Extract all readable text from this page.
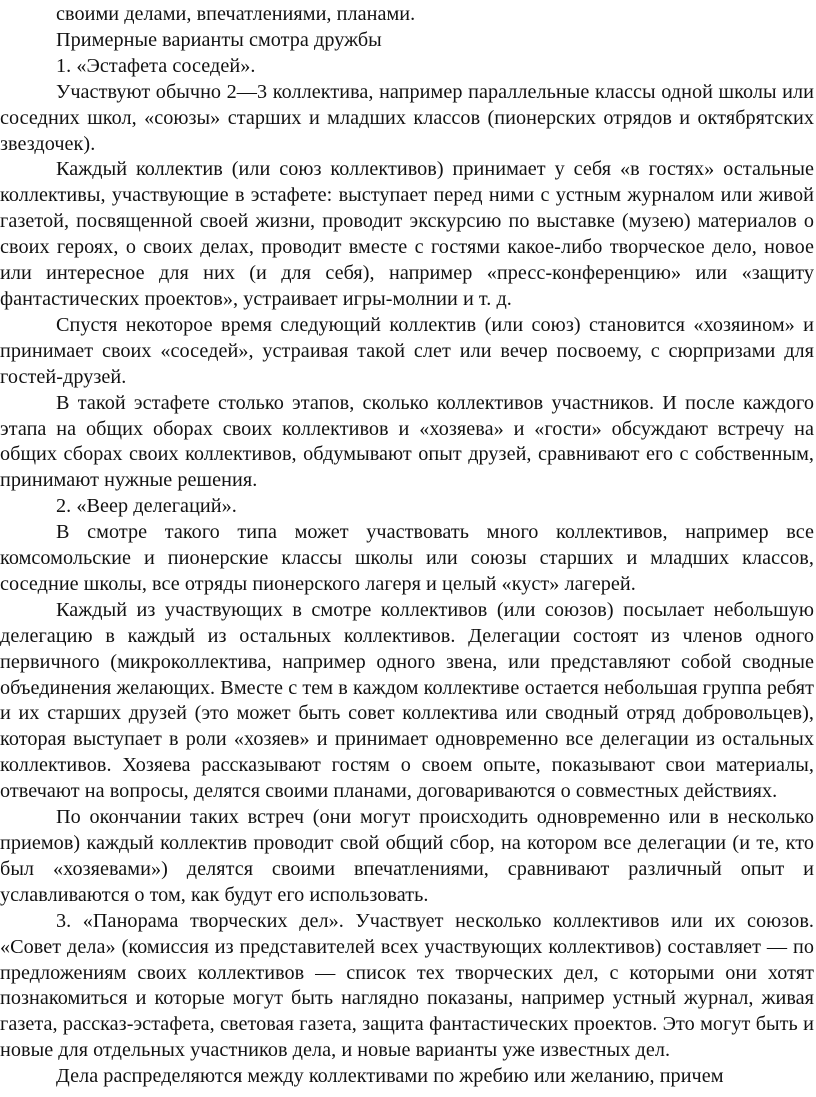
своими делами, впечатлениями, планами.

Примерные варианты смотра дружбы

1. «Эстафета соседей».

Участвуют обычно 2—3 коллектива, например параллельные классы одной школы или соседних школ, «союзы» старших и младших классов (пионерских отрядов и октябрятских звездочек).

Каждый коллектив (или союз коллективов) принимает у себя «в гостях» остальные коллективы, участвующие в эстафете: выступает перед ними с устным журналом или живой газетой, посвященной своей жизни, проводит экскурсию по выставке (музею) материалов о своих героях, о своих делах, проводит вместе с гостями какое-либо творческое дело, новое или интересное для них (и для себя), например «пресс-конференцию» или «защиту фантастических проектов», устраивает игры-молнии и т. д.

Спустя некоторое время следующий коллектив (или союз) становится «хозяином» и принимает своих «соседей», устраивая такой слет или вечер посвоему, с сюрпризами для гостей-друзей.

В такой эстафете столько этапов, сколько коллективов участников. И после каждого этапа на общих оборах своих коллективов и «хозяева» и «гости» обсуждают встречу на общих сборах своих коллективов, обдумывают опыт друзей, сравнивают его с собственным, принимают нужные решения.

2. «Веер делегаций».

В смотре такого типа может участвовать много коллективов, например все комсомольские и пионерские классы школы или союзы старших и младших классов, соседние школы, все отряды пионерского лагеря и целый «куст» лагерей.

Каждый из участвующих в смотре коллективов (или союзов) посылает небольшую делегацию в каждый из остальных коллективов. Делегации состоят из членов одного первичного (микроколлектива, например одного звена, или представляют собой сводные объединения желающих. Вместе с тем в каждом коллективе остается небольшая группа ребят и их старших друзей (это может быть совет коллектива или сводный отряд добровольцев), которая выступает в роли «хозяев» и принимает одновременно все делегации из остальных коллективов. Хозяева рассказывают гостям о своем опыте, показывают свои материалы, отвечают на вопросы, делятся своими планами, договариваются о совместных действиях.

По окончании таких встреч (они могут происходить одновременно или в несколько приемов) каждый коллектив проводит свой общий сбор, на котором все делегации (и те, кто был «хозяевами») делятся своими впечатлениями, сравнивают различный опыт и уславливаются о том, как будут его использовать.

3. «Панорама творческих дел». Участвует несколько коллективов или их союзов. «Совет дела» (комиссия из представителей всех участвующих коллективов) составляет — по предложениям своих коллективов — список тех творческих дел, с которыми они хотят познакомиться и которые могут быть наглядно показаны, например устный журнал, живая газета, рассказ-эстафета, световая газета, защита фантастических проектов. Это могут быть и новые для отдельных участников дела, и новые варианты уже известных дел.

Дела распределяются между коллективами по жребию или желанию, причем
